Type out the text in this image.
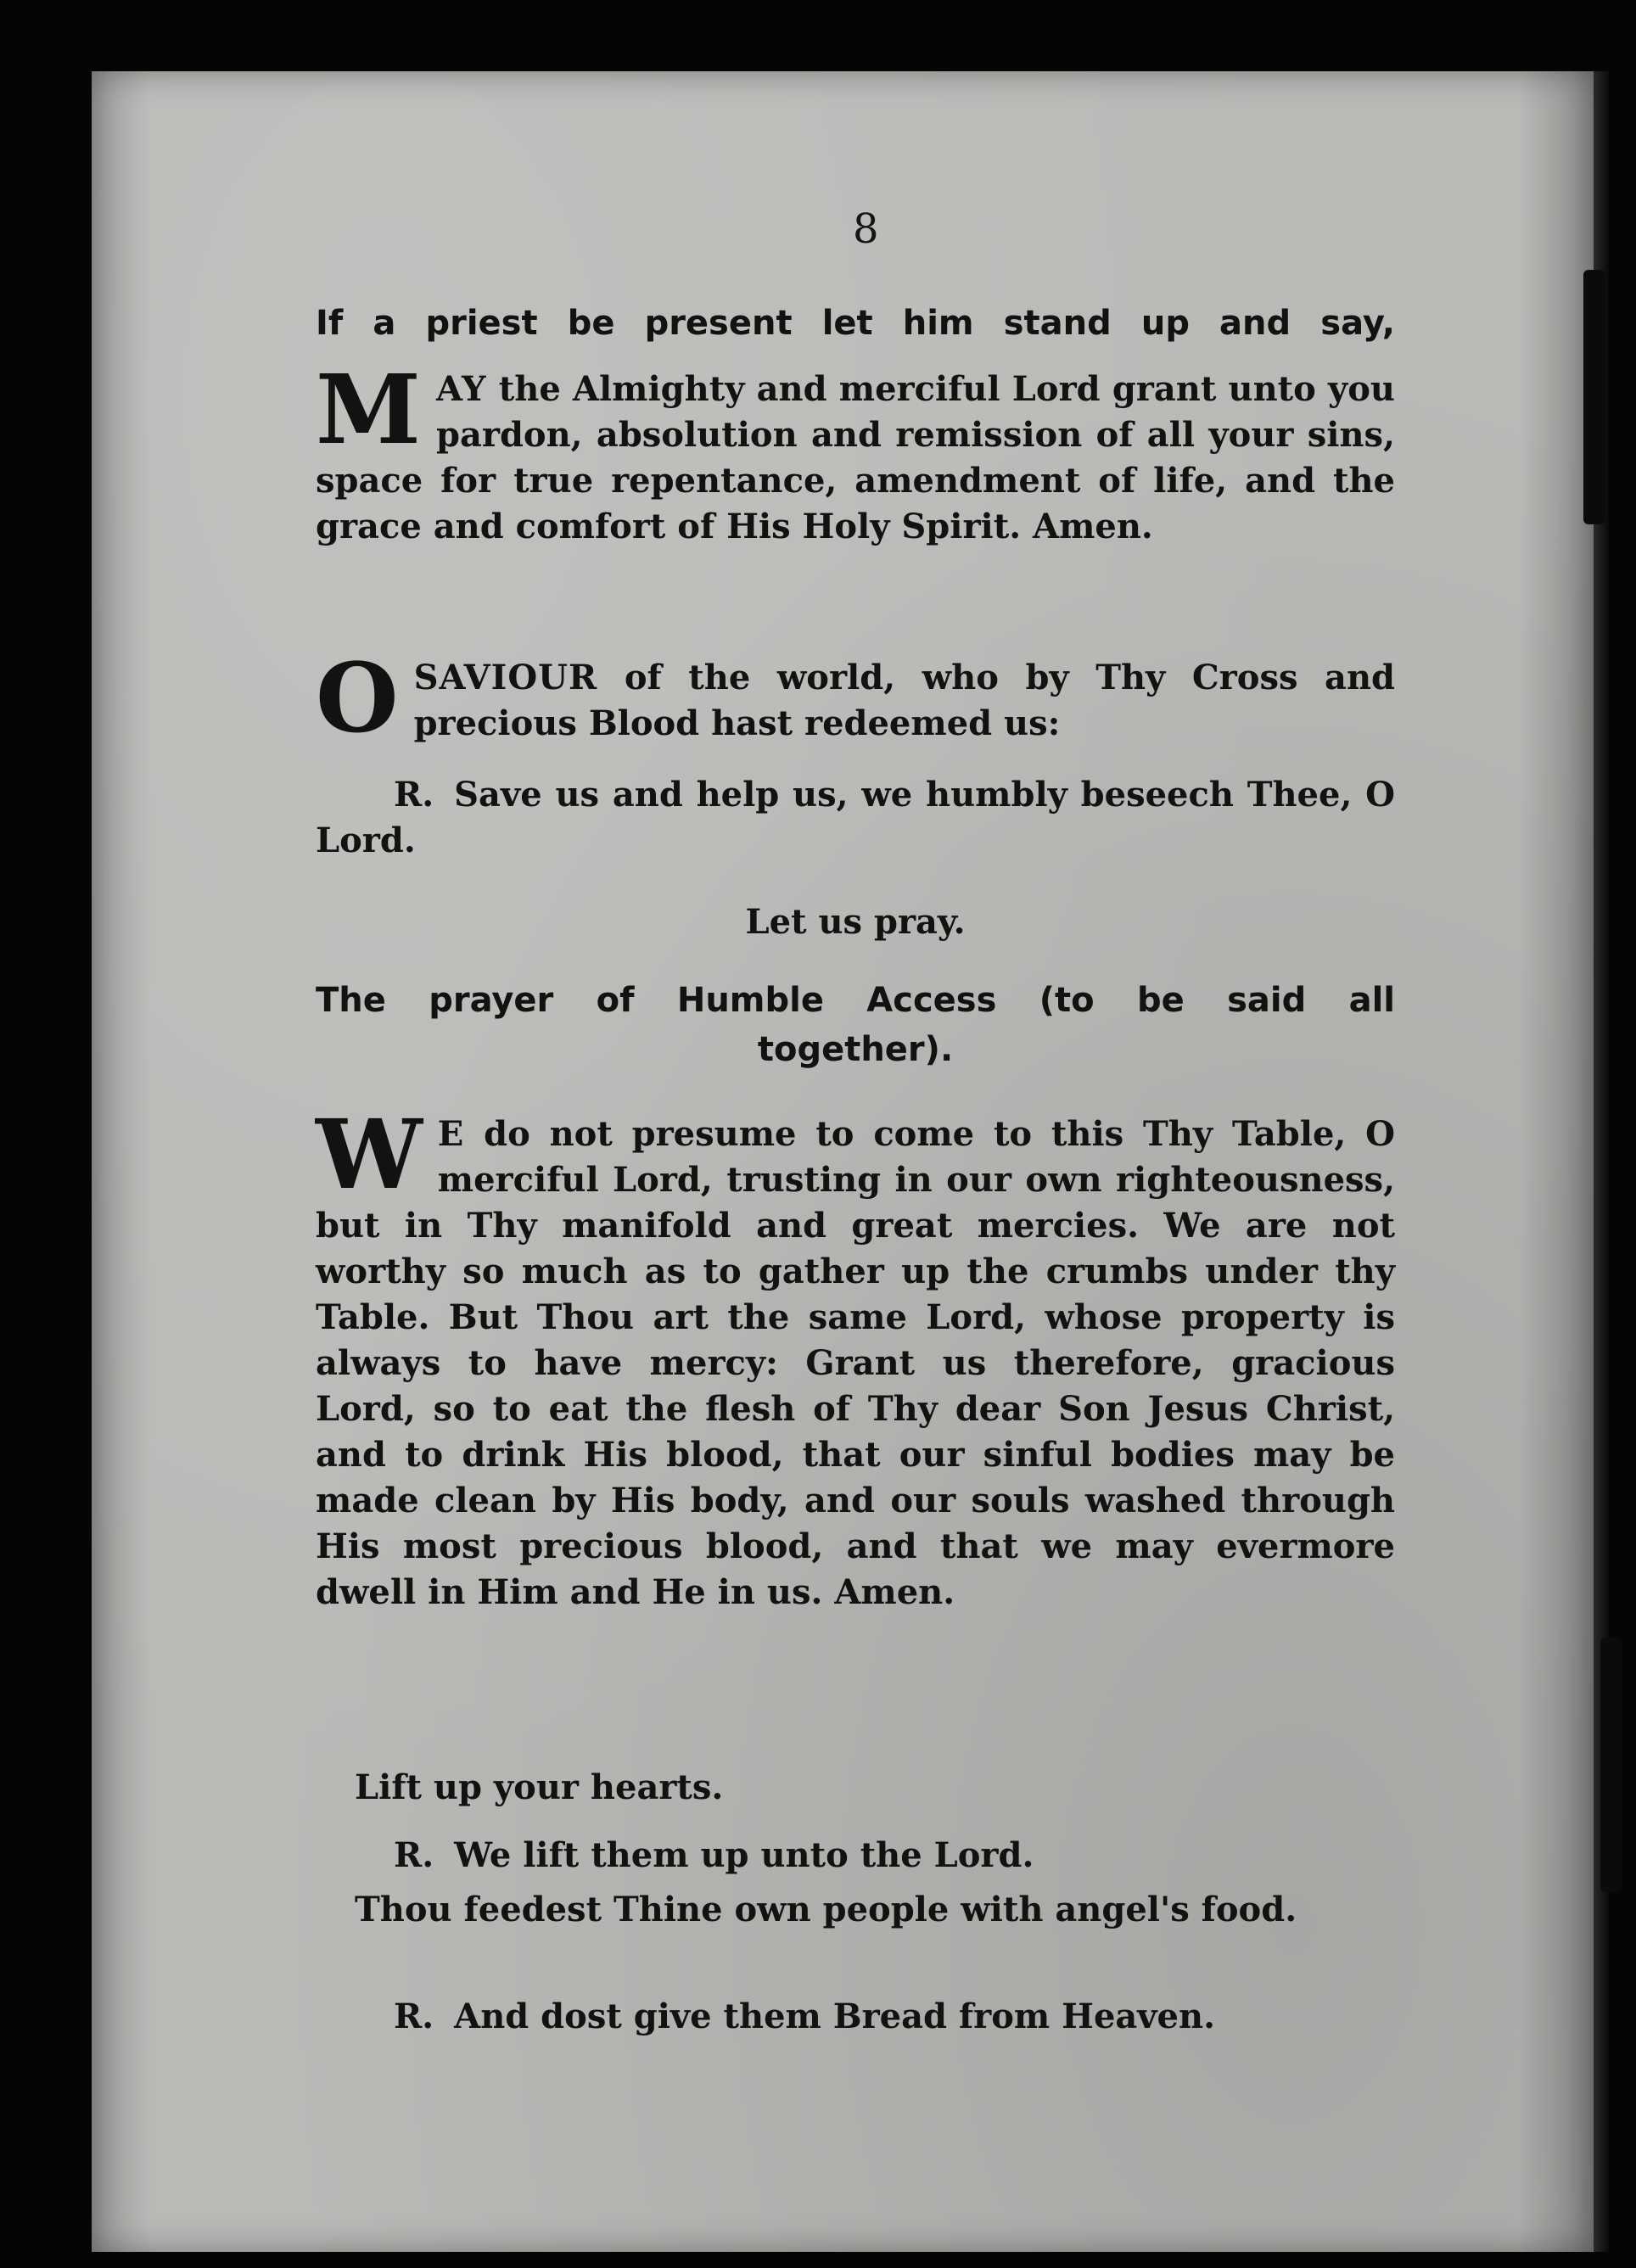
8
If a priest be present let him stand up and say,
MAY the Almighty and merciful Lord grant unto you pardon, absolution and remission of all your sins, space for true repentance, amendment of life, and the grace and comfort of His Holy Spirit. Amen.
OSAVIOUR of the world, who by Thy Cross and precious Blood hast redeemed us:
R. Save us and help us, we humbly beseech Thee, O Lord.
Let us pray.
The prayer of Humble Access (to be said all
together).
W E do not presume to come to this Thy Table, O merciful Lord, trusting in our own righteousness, but in Thy manifold and great mercies. We are not worthy so much as to gather up the crumbs under thy Table. But Thou art the same Lord, whose property is always to have mercy: Grant us therefore, gracious Lord, so to eat the flesh of Thy dear Son Jesus Christ, and to drink His blood, that our sinful bodies may be made clean by His body, and our souls washed through His most precious blood, and that we may evermore dwell in Him and He in us. Amen.
Lift up your hearts.
R. We lift them up unto the Lord.
Thou feedest Thine own people with angel's food.
R. And dost give them Bread from Heaven.
